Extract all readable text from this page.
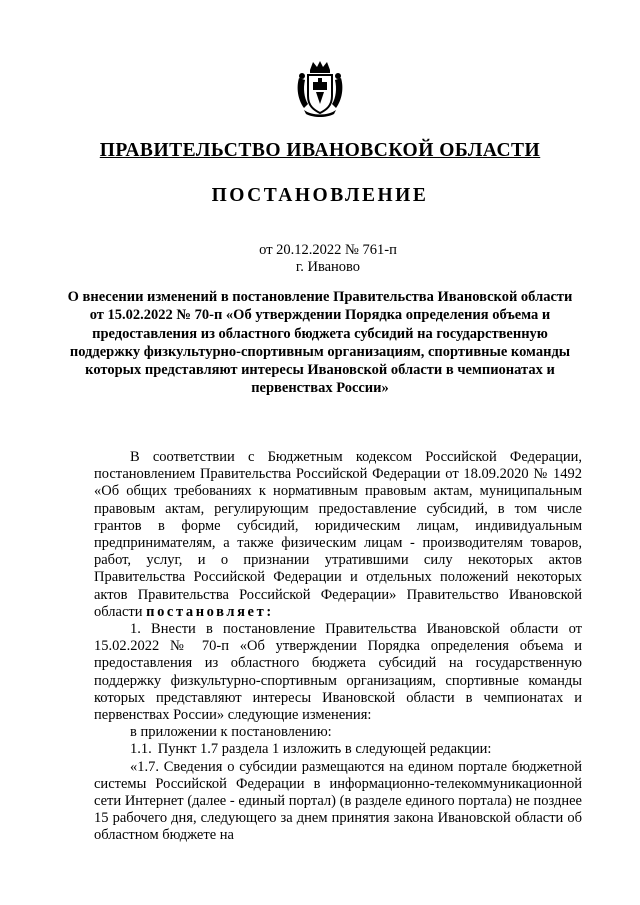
ПРАВИТЕЛЬСТВО ИВАНОВСКОЙ ОБЛАСТИ
ПОСТАНОВЛЕНИЕ
от 20.12.2022 № 761-п
г. Иваново
О внесении изменений в постановление Правительства Ивановской области от 15.02.2022 № 70-п «Об утверждении Порядка определения объема и предоставления из областного бюджета субсидий на государственную поддержку физкультурно-спортивным организациям, спортивные команды которых представляют интересы Ивановской области в чемпионатах и первенствах России»

В соответствии с Бюджетным кодексом Российской Федерации, постановлением Правительства Российской Федерации от 18.09.2020 № 1492 «Об общих требованиях к нормативным правовым актам, муниципальным правовым актам, регулирующим предоставление субсидий, в том числе грантов в форме субсидий, юридическим лицам, индивидуальным предпринимателям, а также физическим лицам - производителям товаров, работ, услуг, и о признании утратившими силу некоторых актов Правительства Российской Федерации и отдельных положений некоторых актов Правительства Российской Федерации» Правительство Ивановской области постановляет:

1. Внести в постановление Правительства Ивановской области от 15.02.2022 № 70-п «Об утверждении Порядка определения объема и предоставления из областного бюджета субсидий на государственную поддержку физкультурно-спортивным организациям, спортивные команды которых представляют интересы Ивановской области в чемпионатах и первенствах России» следующие изменения:

в приложении к постановлению:

1.1. Пункт 1.7 раздела 1 изложить в следующей редакции:

«1.7. Сведения о субсидии размещаются на едином портале бюджетной системы Российской Федерации в информационно-телекоммуникационной сети Интернет (далее - единый портал) (в разделе единого портала) не позднее 15 рабочего дня, следующего за днем принятия закона Ивановской области об областном бюджете на
